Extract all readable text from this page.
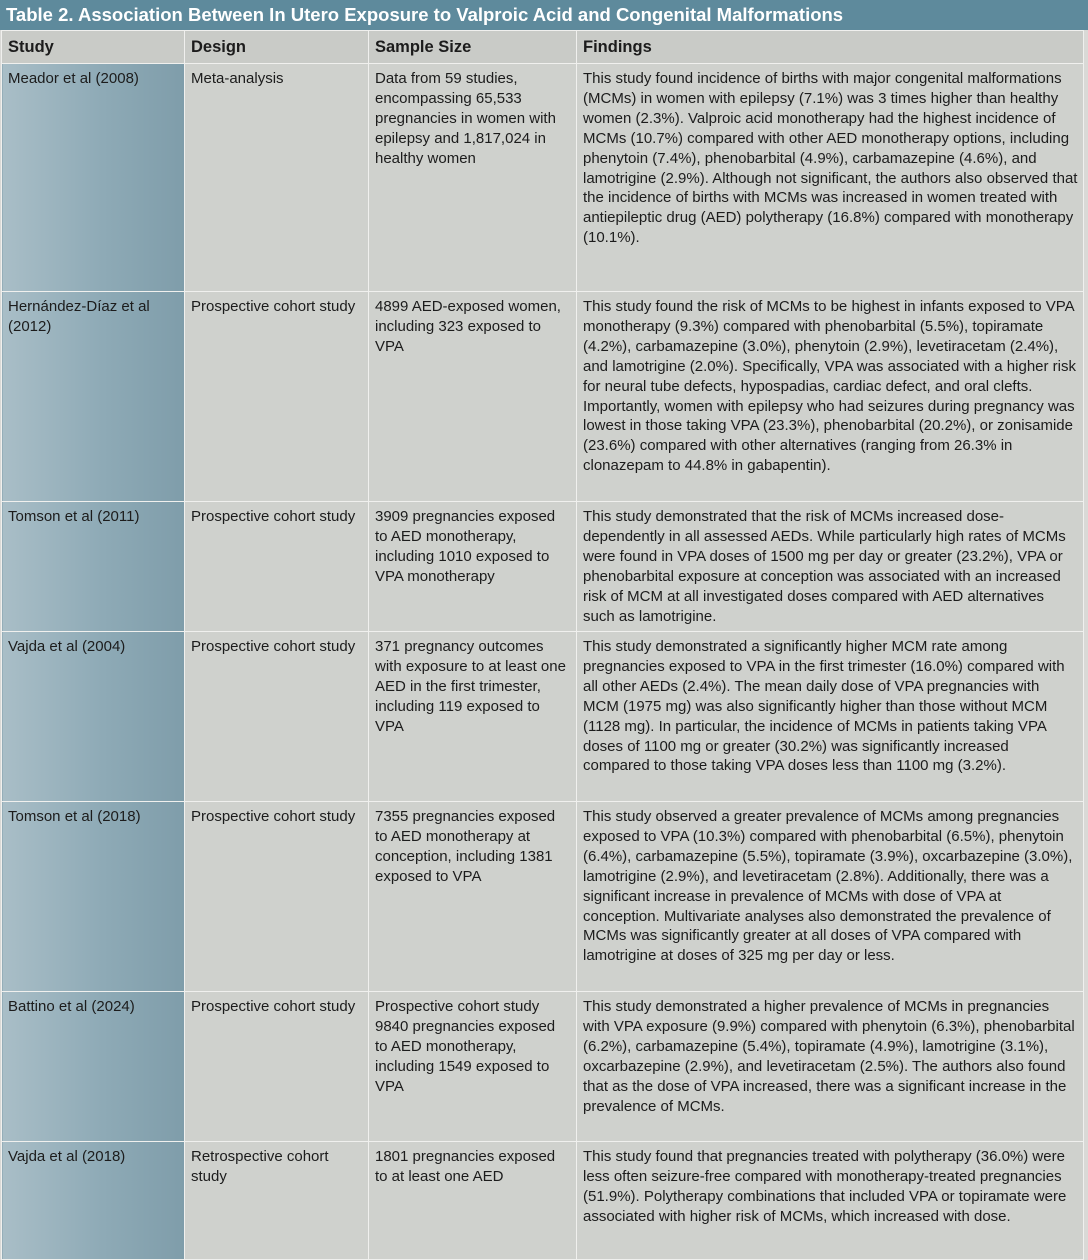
Table 2. Association Between In Utero Exposure to Valproic Acid and Congenital Malformations
Study	Design	Sample Size	Findings
Meador et al (2008)	Meta-analysis	Data from 59 studies, encompassing 65,533 pregnancies in women with epilepsy and 1,817,024 in healthy women	This study found incidence of births with major congenital malformations (MCMs) in women with epilepsy (7.1%) was 3 times higher than healthy women (2.3%). Valproic acid monotherapy had the highest incidence of MCMs (10.7%) compared with other AED monotherapy options, including phenytoin (7.4%), phenobarbital (4.9%), carbamazepine (4.6%), and lamotrigine (2.9%). Although not significant, the authors also observed that the incidence of births with MCMs was increased in women treated with antiepileptic drug (AED) polytherapy (16.8%) compared with monotherapy (10.1%).
Hernández-Díaz et al (2012)	Prospective cohort study	4899 AED-exposed women, including 323 exposed to VPA	This study found the risk of MCMs to be highest in infants exposed to VPA monotherapy (9.3%) compared with phenobarbital (5.5%), topiramate (4.2%), carbamazepine (3.0%), phenytoin (2.9%), levetiracetam (2.4%), and lamotrigine (2.0%). Specifically, VPA was associated with a higher risk for neural tube defects, hypospadias, cardiac defect, and oral clefts. Importantly, women with epilepsy who had seizures during pregnancy was lowest in those taking VPA (23.3%), phenobarbital (20.2%), or zonisamide (23.6%) compared with other alternatives (ranging from 26.3% in clonazepam to 44.8% in gabapentin).
Tomson et al (2011)	Prospective cohort study	3909 pregnancies exposed to AED monotherapy, including 1010 exposed to VPA monotherapy	This study demonstrated that the risk of MCMs increased dose-dependently in all assessed AEDs. While particularly high rates of MCMs were found in VPA doses of 1500 mg per day or greater (23.2%), VPA or phenobarbital exposure at conception was associated with an increased risk of MCM at all investigated doses compared with AED alternatives such as lamotrigine.
Vajda et al (2004)	Prospective cohort study	371 pregnancy outcomes with exposure to at least one AED in the first trimester, including 119 exposed to VPA	This study demonstrated a significantly higher MCM rate among pregnancies exposed to VPA in the first trimester (16.0%) compared with all other AEDs (2.4%). The mean daily dose of VPA pregnancies with MCM (1975 mg) was also significantly higher than those without MCM (1128 mg). In particular, the incidence of MCMs in patients taking VPA doses of 1100 mg or greater (30.2%) was significantly increased compared to those taking VPA doses less than 1100 mg (3.2%).
Tomson et al (2018)	Prospective cohort study	7355 pregnancies exposed to AED monotherapy at conception, including 1381 exposed to VPA	This study observed a greater prevalence of MCMs among pregnancies exposed to VPA (10.3%) compared with phenobarbital (6.5%), phenytoin (6.4%), carbamazepine (5.5%), topiramate (3.9%), oxcarbazepine (3.0%), lamotrigine (2.9%), and levetiracetam (2.8%). Additionally, there was a significant increase in prevalence of MCMs with dose of VPA at conception. Multivariate analyses also demonstrated the prevalence of MCMs was significantly greater at all doses of VPA compared with lamotrigine at doses of 325 mg per day or less.
Battino et al (2024)	Prospective cohort study	Prospective cohort study 9840 pregnancies exposed to AED monotherapy, including 1549 exposed to VPA	This study demonstrated a higher prevalence of MCMs in pregnancies with VPA exposure (9.9%) compared with phenytoin (6.3%), phenobarbital (6.2%), carbamazepine (5.4%), topiramate (4.9%), lamotrigine (3.1%), oxcarbazepine (2.9%), and levetiracetam (2.5%). The authors also found that as the dose of VPA increased, there was a significant increase in the prevalence of MCMs.
Vajda et al (2018)	Retrospective cohort study	1801 pregnancies exposed to at least one AED	This study found that pregnancies treated with polytherapy (36.0%) were less often seizure-free compared with monotherapy-treated pregnancies (51.9%). Polytherapy combinations that included VPA or topiramate were associated with higher risk of MCMs, which increased with dose.
